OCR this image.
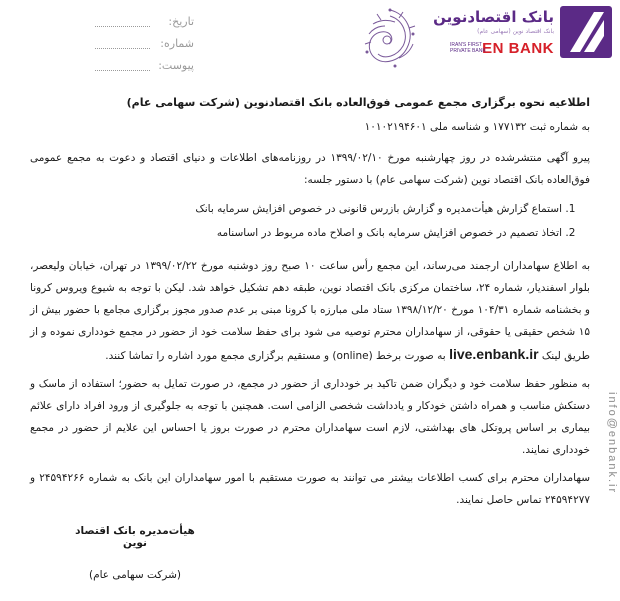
تاریخ:
شماره:
پیوست:
بانک اقتصادنوین
بانک اقتصاد نوین (سهامی عام)
EN BANK
IRAN'S FIRST PRIVATE BANK
اطلاعیه نحوه برگزاری مجمع عمومی فوق‌العاده بانک اقتصادنوین (شرکت سهامی عام)
به شماره ثبت ۱۷۷۱۳۲ و شناسه ملی ۱۰۱۰۲۱۹۴۶۰۱

پیرو آگهی منتشرشده در روز چهارشنبه مورخ ۱۳۹۹/۰۲/۱۰ در روزنامه‌های اطلاعات و دنیای اقتصاد و دعوت به مجمع عمومی فوق‌العاده بانک اقتصاد نوین (شرکت سهامی عام) با دستور جلسه:

1. استماع گزارش هیأت‌مدیره و گزارش بازرس قانونی در خصوص افزایش سرمایه بانک
2. اتخاذ تصمیم در خصوص افزایش سرمایه بانک و اصلاح ماده مربوط در اساسنامه

به اطلاع سهامداران ارجمند می‌رساند، این مجمع رأس ساعت ۱۰ صبح روز دوشنبه مورخ ۱۳۹۹/۰۲/۲۲ در تهران، خیابان ولیعصر، بلوار اسفندیار، شماره ۲۴، ساختمان مرکزی بانک اقتصاد نوین، طبقه دهم تشکیل خواهد شد. لیکن با توجه به شیوع ویروس کرونا و بخشنامه شماره ۱۰۴/۳۱ مورخ ۱۳۹۸/۱۲/۲۰ ستاد ملی مبارزه با کرونا مبنی بر عدم صدور مجوز برگزاری مجامع با حضور بیش از ۱۵ شخص حقیقی یا حقوقی، از سهامداران محترم توصیه می شود برای حفظ سلامت خود از حضور در مجمع خودداری نموده و از طریق لینک live.enbank.ir به صورت برخط (online) و مستقیم برگزاری مجمع مورد اشاره را تماشا کنند.

به منظور حفظ سلامت خود و دیگران ضمن تاکید بر خودداری از حضور در مجمع، در صورت تمایل به حضور؛ استفاده از ماسک و دستکش مناسب و همراه داشتن خودکار و یادداشت شخصی الزامی است. همچنین با توجه به جلوگیری از ورود افراد دارای علائم بیماری بر اساس پروتکل های بهداشتی، لازم است سهامداران محترم در صورت بروز یا احساس این علایم از حضور در مجمع خودداری نمایند.

سهامداران محترم برای کسب اطلاعات بیشتر می توانند به صورت مستقیم با امور سهامداران این بانک به شماره ۲۴۵۹۴۲۶۶ و ۲۴۵۹۴۲۷۷ تماس حاصل نمایند.

هیأت‌مدیره بانک اقتصاد نوین
(شرکت سهامی عام)
info@enbank.ir
